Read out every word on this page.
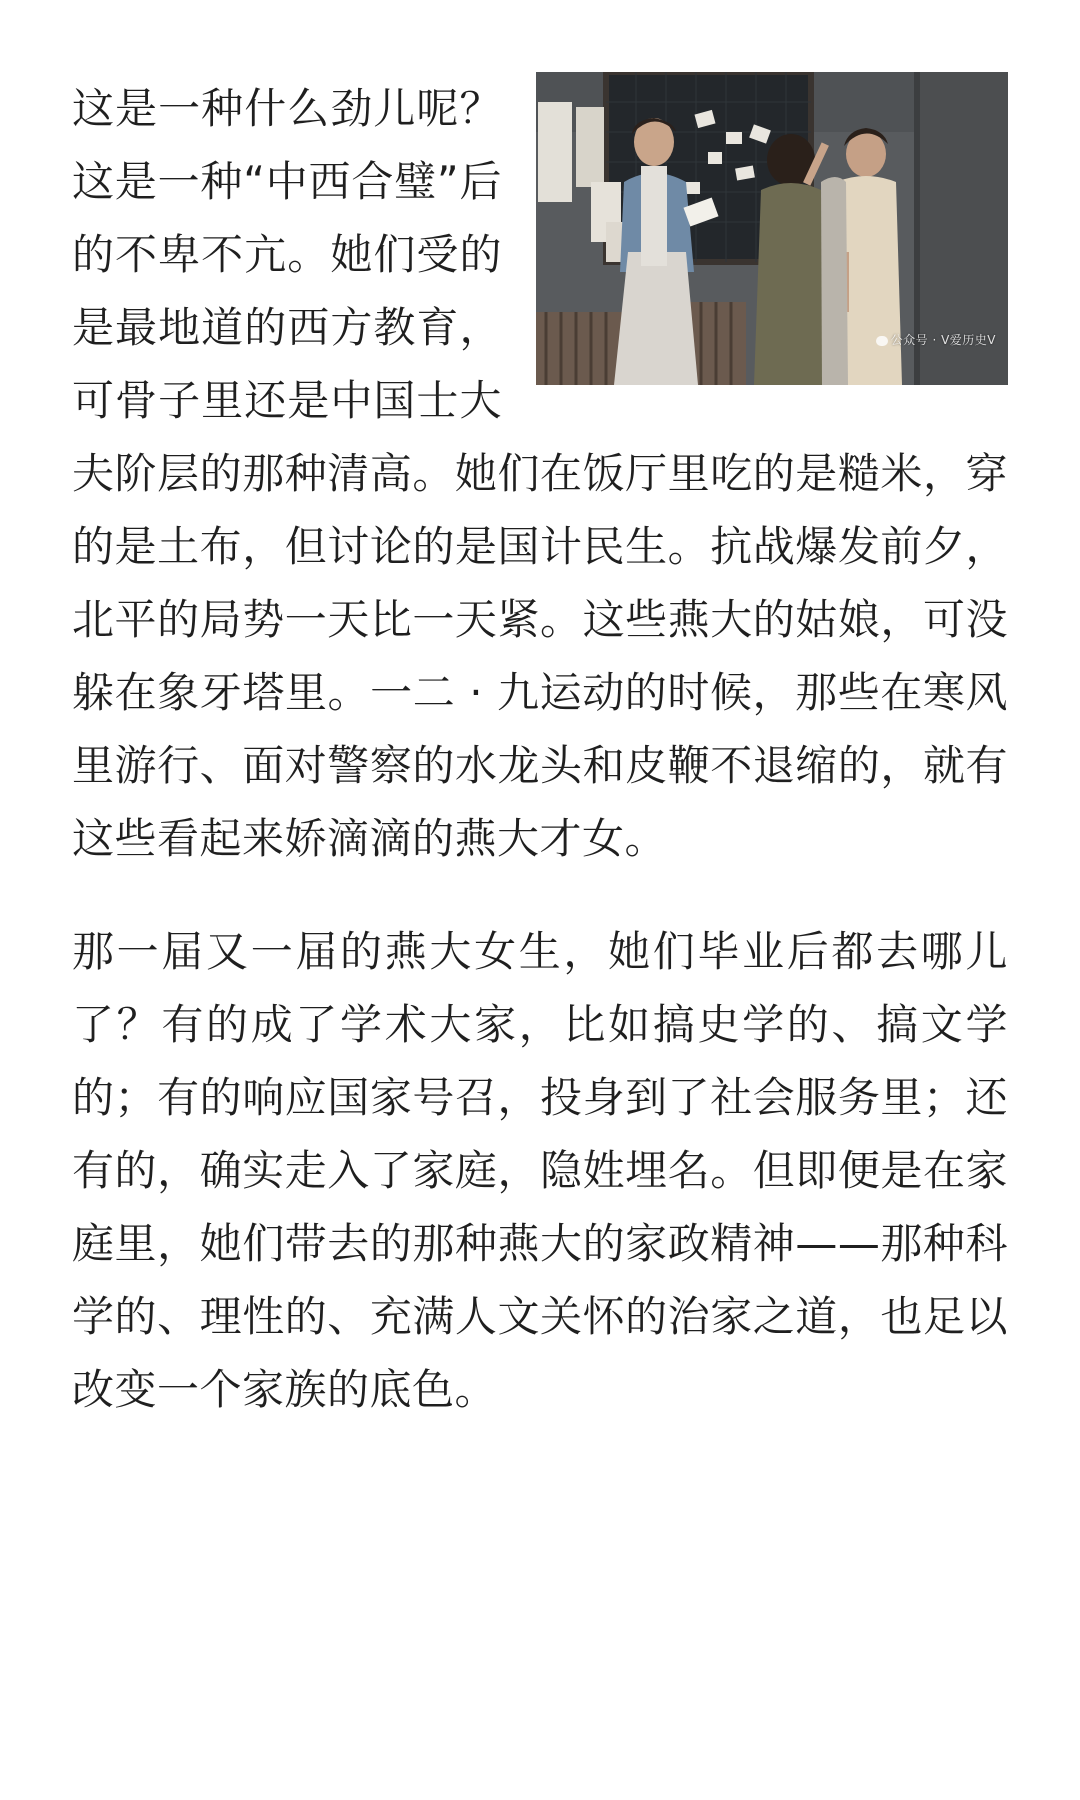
公众号 · V爱历史V
这是一种什么劲儿呢？这是一种“中西合璧”后的不卑不亢。她们受的是最地道的西方教育，可骨子里还是中国士大夫阶层的那种清高。她们在饭厅里吃的是糙米，穿的是土布，但讨论的是国计民生。抗战爆发前夕，北平的局势一天比一天紧。这些燕大的姑娘，可没躲在象牙塔里。一二 · 九运动的时候，那些在寒风里游行、面对警察的水龙头和皮鞭不退缩的，就有这些看起来娇滴滴的燕大才女。

那一届又一届的燕大女生，她们毕业后都去哪儿了？有的成了学术大家，比如搞史学的、搞文学的；有的响应国家号召，投身到了社会服务里；还有的，确实走入了家庭，隐姓埋名。但即便是在家庭里，她们带去的那种燕大的家政精神——那种科学的、理性的、充满人文关怀的治家之道，也足以改变一个家族的底色。
